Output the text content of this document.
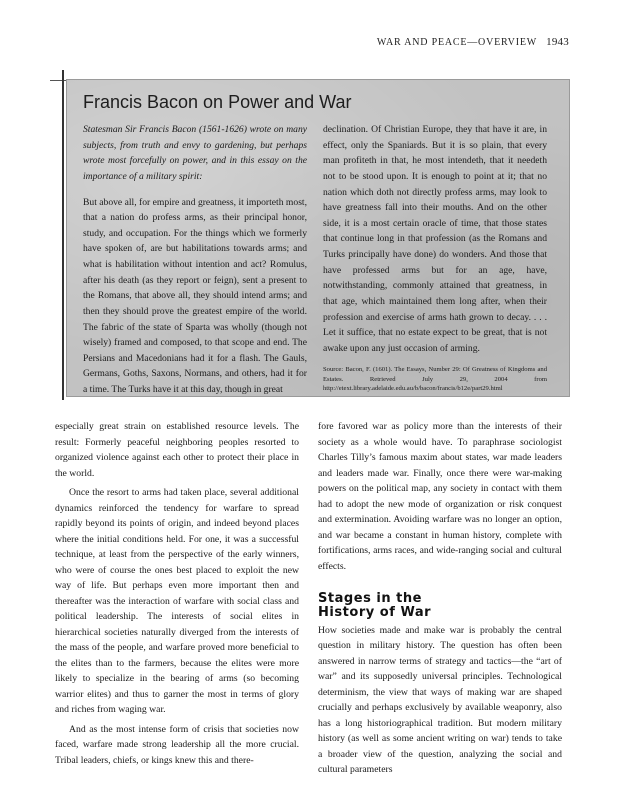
WAR AND PEACE—OVERVIEW 1943
Francis Bacon on Power and War

Statesman Sir Francis Bacon (1561-1626) wrote on many subjects, from truth and envy to gardening, but perhaps wrote most forcefully on power, and in this essay on the importance of a military spirit:

But above all, for empire and greatness, it importeth most, that a nation do profess arms, as their principal honor, study, and occupation. For the things which we formerly have spoken of, are but habilitations towards arms; and what is habilitation without intention and act? Romulus, after his death (as they report or feign), sent a present to the Romans, that above all, they should intend arms; and then they should prove the greatest empire of the world. The fabric of the state of Sparta was wholly (though not wisely) framed and composed, to that scope and end. The Persians and Macedonians had it for a flash. The Gauls, Germans, Goths, Saxons, Normans, and others, had it for a time. The Turks have it at this day, though in great

declination. Of Christian Europe, they that have it are, in effect, only the Spaniards. But it is so plain, that every man profiteth in that, he most intendeth, that it needeth not to be stood upon. It is enough to point at it; that no nation which doth not directly profess arms, may look to have greatness fall into their mouths. And on the other side, it is a most certain oracle of time, that those states that continue long in that profession (as the Romans and Turks principally have done) do wonders. And those that have professed arms but for an age, have, notwithstanding, commonly attained that greatness, in that age, which maintained them long after, when their profession and exercise of arms hath grown to decay. . . . Let it suffice, that no estate expect to be great, that is not awake upon any just occasion of arming.

Source: Bacon, F. (1601). The Essays, Number 29: Of Greatness of Kingdoms and Estates. Retrieved July 29, 2004 from http://etext.library.adelaide.edu.au/b/bacon/francis/b12e/part29.html

especially great strain on established resource levels. The result: Formerly peaceful neighboring peoples resorted to organized violence against each other to protect their place in the world.

Once the resort to arms had taken place, several additional dynamics reinforced the tendency for warfare to spread rapidly beyond its points of origin, and indeed beyond places where the initial conditions held. For one, it was a successful technique, at least from the perspective of the early winners, who were of course the ones best placed to exploit the new way of life. But perhaps even more important then and thereafter was the interaction of warfare with social class and political leadership. The interests of social elites in hierarchical societies naturally diverged from the interests of the mass of the people, and warfare proved more beneficial to the elites than to the farmers, because the elites were more likely to specialize in the bearing of arms (so becoming warrior elites) and thus to garner the most in terms of glory and riches from waging war.

And as the most intense form of crisis that societies now faced, warfare made strong leadership all the more crucial. Tribal leaders, chiefs, or kings knew this and there-

fore favored war as policy more than the interests of their society as a whole would have. To paraphrase sociologist Charles Tilly’s famous maxim about states, war made leaders and leaders made war. Finally, once there were war-making powers on the political map, any society in contact with them had to adopt the new mode of organization or risk conquest and extermination. Avoiding warfare was no longer an option, and war became a constant in human history, complete with fortifications, arms races, and wide-ranging social and cultural effects.

Stages in the
History of War

How societies made and make war is probably the central question in military history. The question has often been answered in narrow terms of strategy and tactics—the “art of war” and its supposedly universal principles. Technological determinism, the view that ways of making war are shaped crucially and perhaps exclusively by available weaponry, also has a long historiographical tradition. But modern military history (as well as some ancient writing on war) tends to take a broader view of the question, analyzing the social and cultural parameters
